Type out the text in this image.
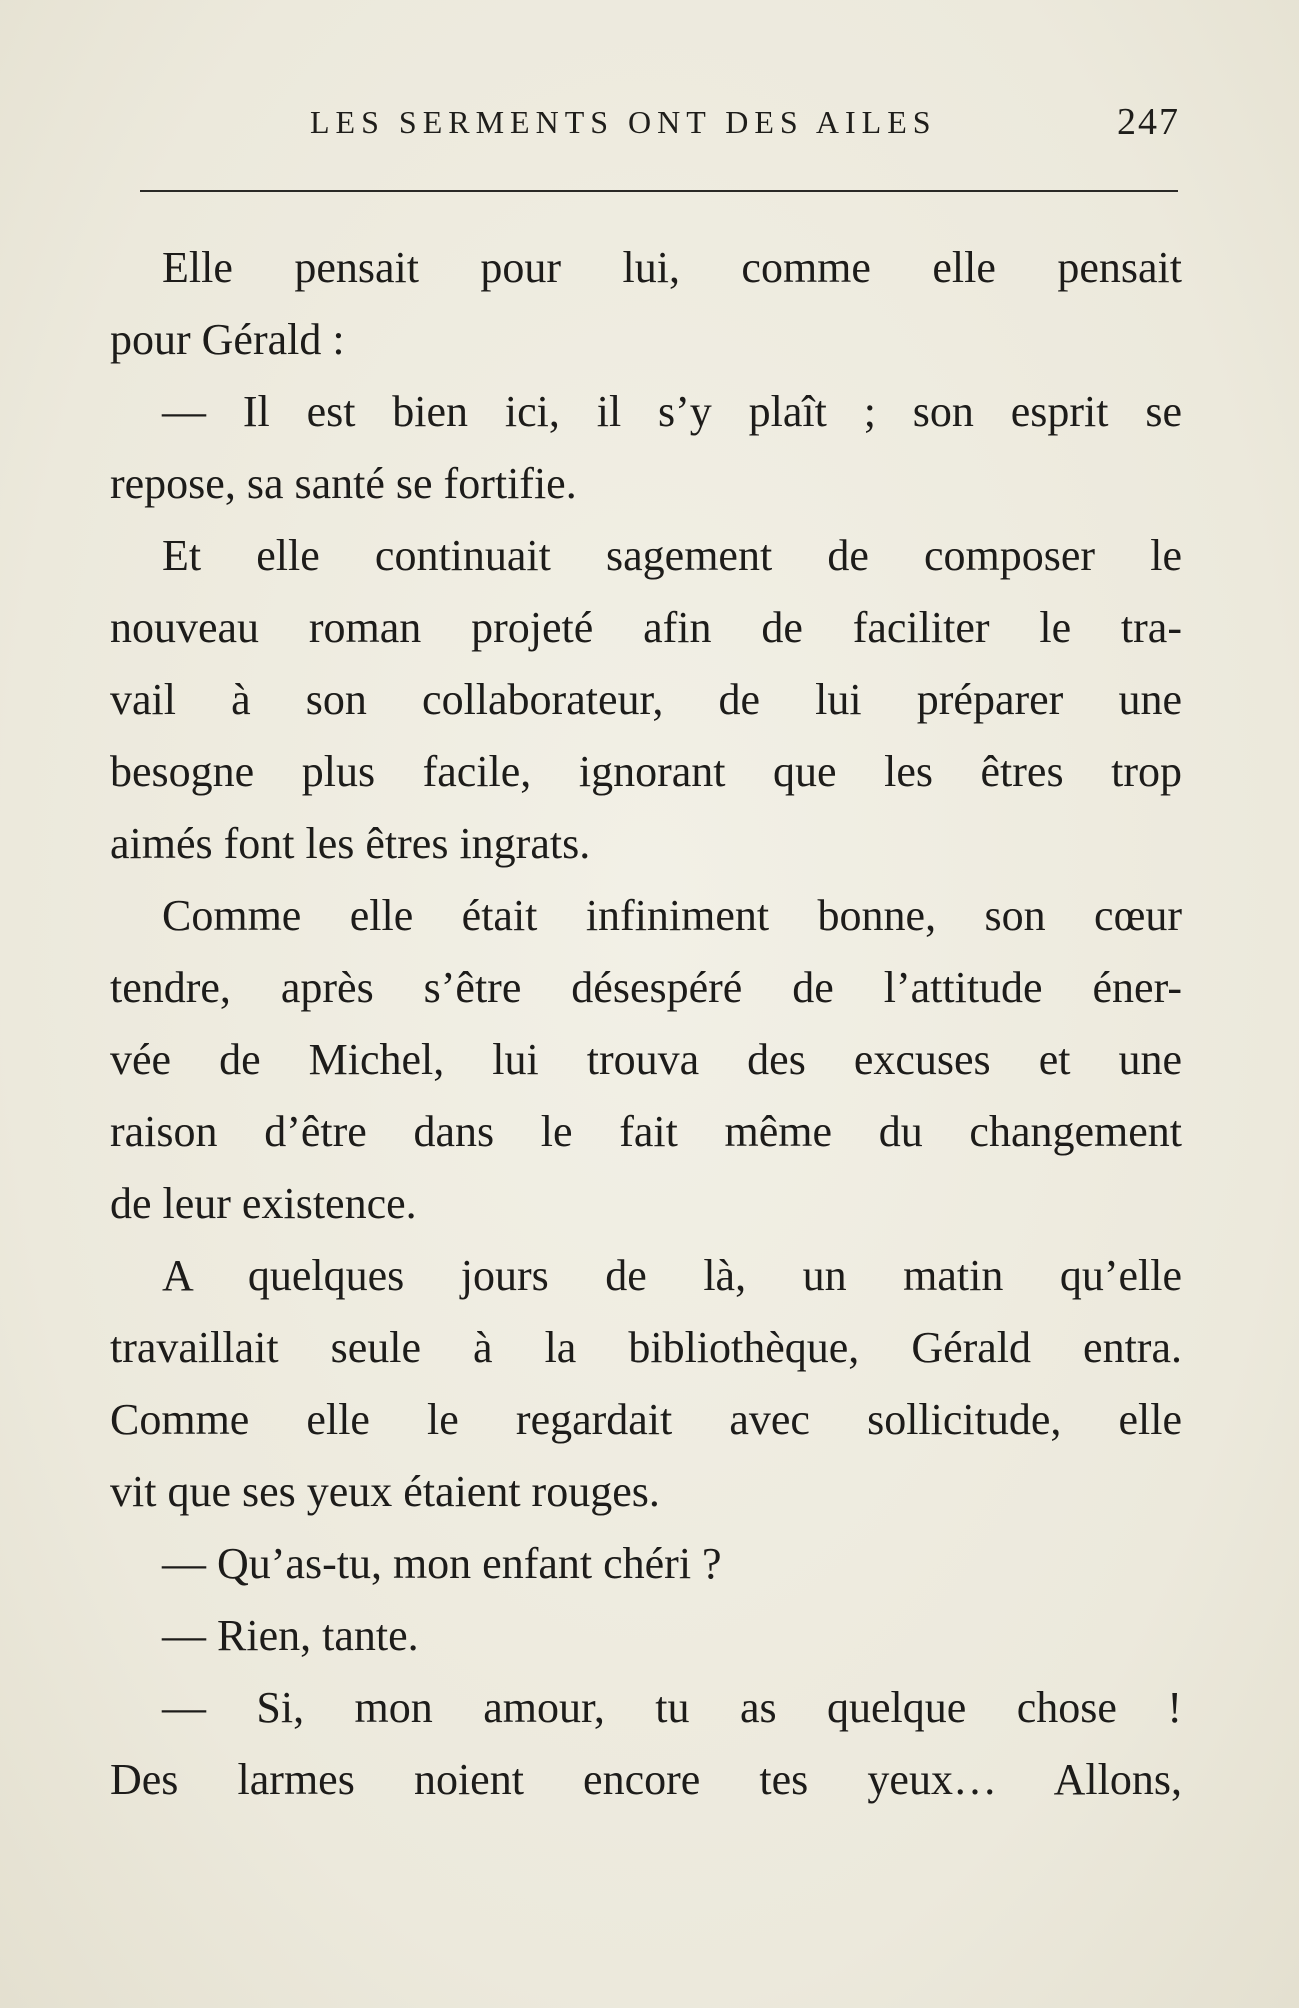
LES SERMENTS ONT DES AILES	247
Elle pensait pour lui, comme elle pensait
pour Gérald :
— Il est bien ici, il s’y plaît ; son esprit se
repose, sa santé se fortifie.
Et elle continuait sagement de composer le
nouveau roman projeté afin de faciliter le tra-
vail à son collaborateur, de lui préparer une
besogne plus facile, ignorant que les êtres trop
aimés font les êtres ingrats.
Comme elle était infiniment bonne, son cœur
tendre, après s’être désespéré de l’attitude éner-
vée de Michel, lui trouva des excuses et une
raison d’être dans le fait même du changement
de leur existence.
A quelques jours de là, un matin qu’elle
travaillait seule à la bibliothèque, Gérald entra.
Comme elle le regardait avec sollicitude, elle
vit que ses yeux étaient rouges.
— Qu’as-tu, mon enfant chéri ?
— Rien, tante.
— Si, mon amour, tu as quelque chose !
Des larmes noient encore tes yeux… Allons,
